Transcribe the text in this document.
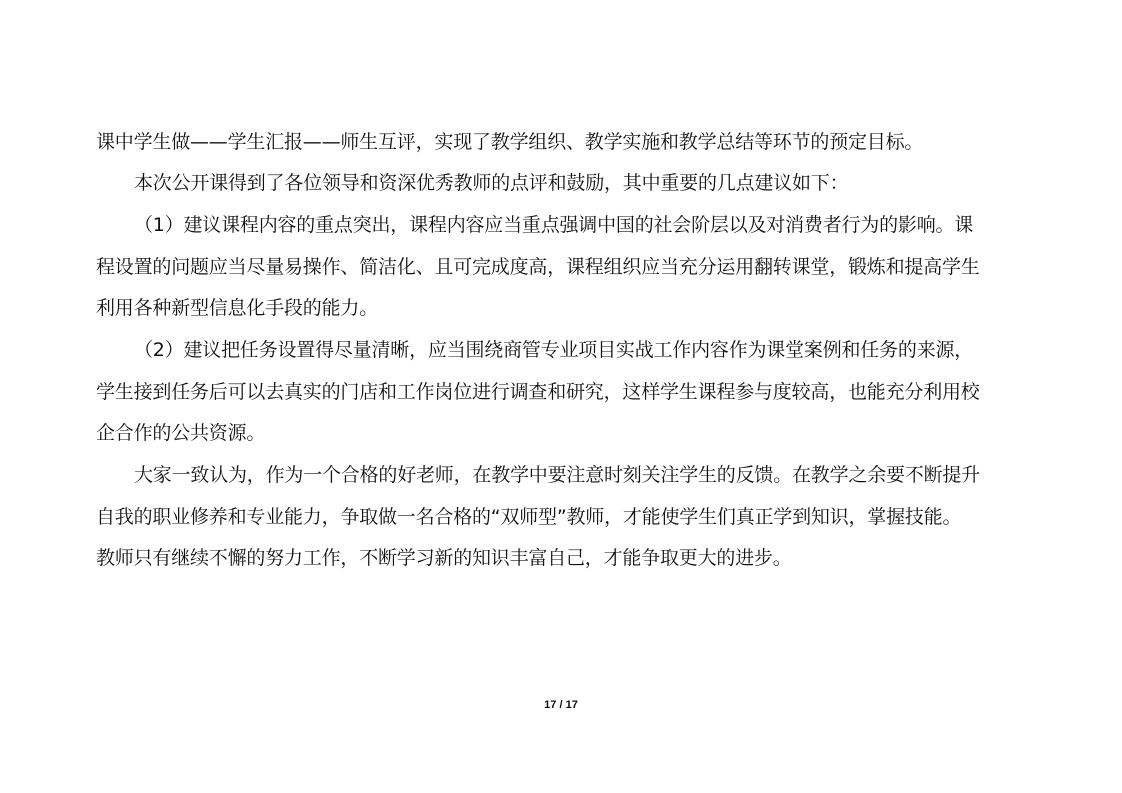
课中学生做——学生汇报——师生互评，实现了教学组织、教学实施和教学总结等环节的预定目标。
本次公开课得到了各位领导和资深优秀教师的点评和鼓励，其中重要的几点建议如下：
（1）建议课程内容的重点突出，课程内容应当重点强调中国的社会阶层以及对消费者行为的影响。课
程设置的问题应当尽量易操作、简洁化、且可完成度高，课程组织应当充分运用翻转课堂，锻炼和提高学生
利用各种新型信息化手段的能力。
（2）建议把任务设置得尽量清晰，应当围绕商管专业项目实战工作内容作为课堂案例和任务的来源，
学生接到任务后可以去真实的门店和工作岗位进行调查和研究，这样学生课程参与度较高，也能充分利用校
企合作的公共资源。
大家一致认为，作为一个合格的好老师，在教学中要注意时刻关注学生的反馈。在教学之余要不断提升
自我的职业修养和专业能力，争取做一名合格的“双师型”教师，才能使学生们真正学到知识，掌握技能。
教师只有继续不懈的努力工作，不断学习新的知识丰富自己，才能争取更大的进步。
17 / 17
